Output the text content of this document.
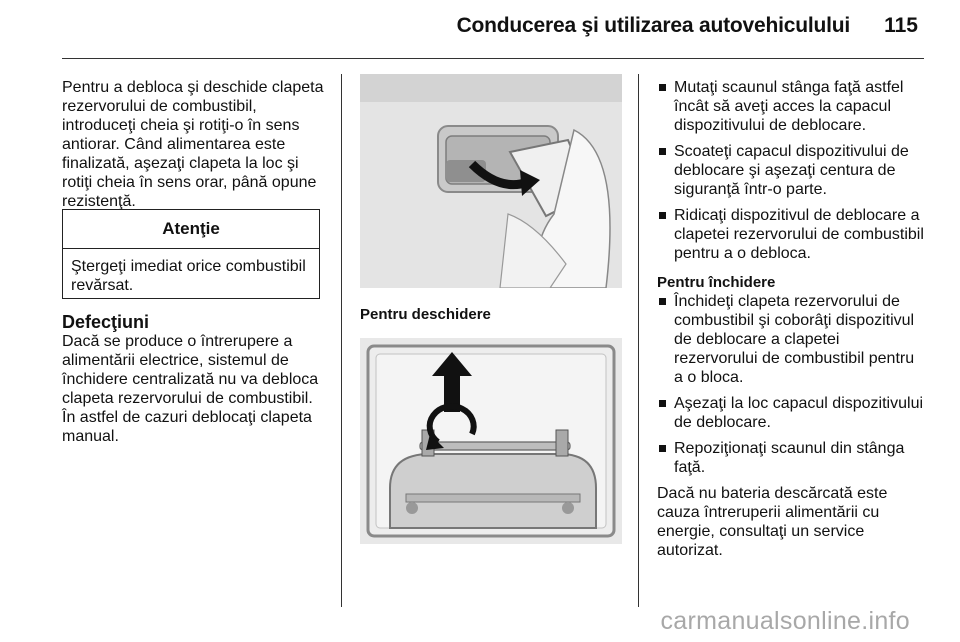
Conducerea şi utilizarea autovehiculului 115

Pentru a debloca şi deschide clapeta rezervorului de combustibil, introduceţi cheia şi rotiţi-o în sens antiorar. Când alimentarea este finalizată, aşezaţi clapeta la loc şi rotiţi cheia în sens orar, până opune rezistenţă.

Atenţie
Ştergeţi imediat orice combustibil revărsat.
Defecţiuni

Dacă se produce o întrerupere a alimentării electrice, sistemul de închidere centralizată nu va debloca clapeta rezervorului de combustibil. În astfel de cazuri deblocaţi clapeta manual.

Pentru deschidere
Mutaţi scaunul stânga faţă astfel încât să aveţi acces la capacul dispozitivului de deblocare.
Scoateţi capacul dispozitivului de deblocare şi aşezaţi centura de siguranţă într-o parte.
Ridicaţi dispozitivul de deblocare a clapetei rezervorului de combustibil pentru a o debloca.
Pentru închidere
Închideţi clapeta rezervorului de combustibil şi coborâţi dispozitivul de deblocare a clapetei rezervorului de combustibil pentru a o bloca.
Aşezaţi la loc capacul dispozitivului de deblocare.
Repoziţionaţi scaunul din stânga faţă.

Dacă nu bateria descărcată este cauza întreruperii alimentării cu energie, consultaţi un service autorizat.

carmanualsonline.info
